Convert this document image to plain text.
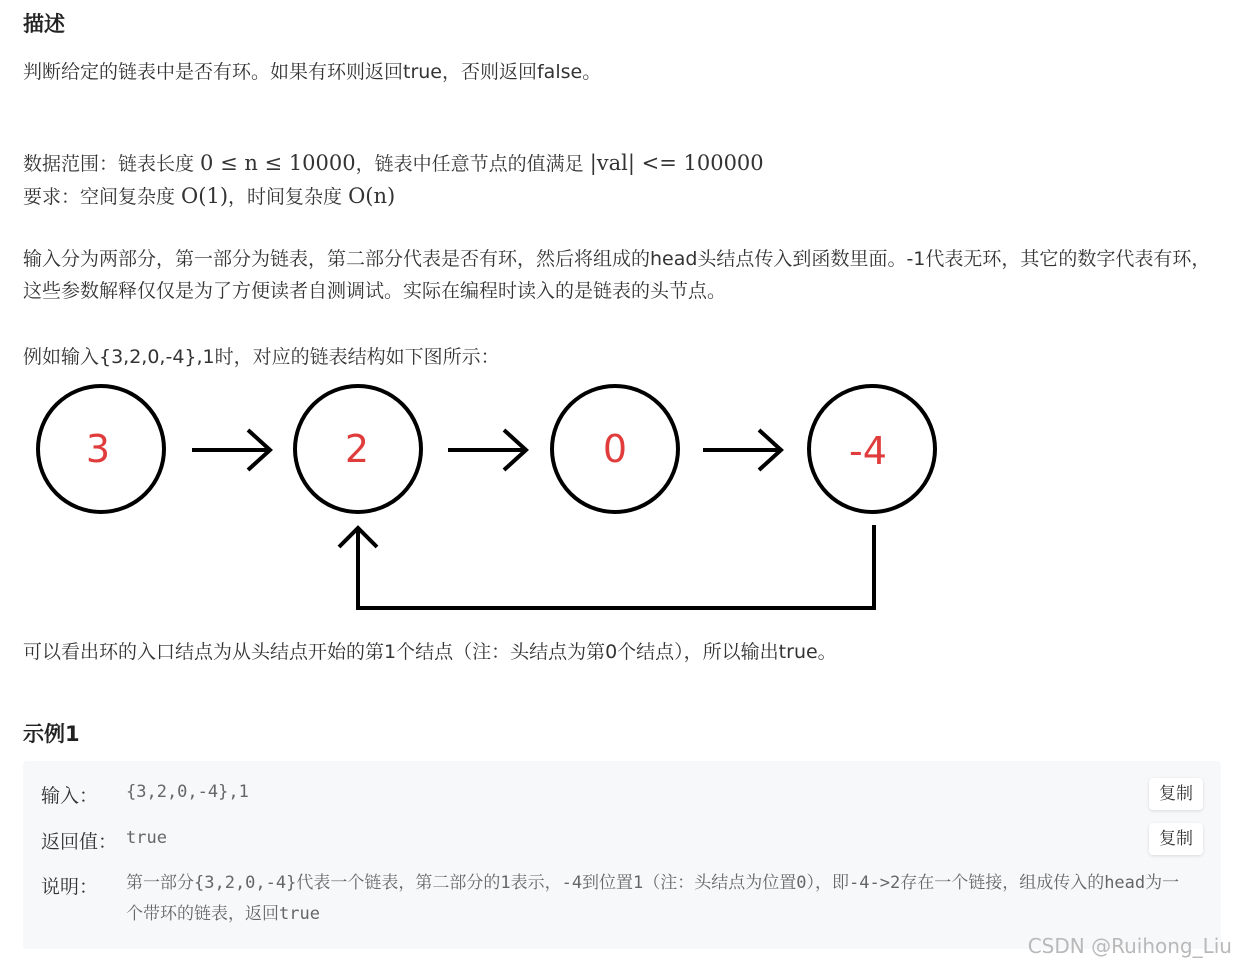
描述
判断给定的链表中是否有环。如果有环则返回true，否则返回false。
数据范围：链表长度 0 ≤ n ≤ 10000，链表中任意节点的值满足 |val| <= 100000
要求：空间复杂度 O(1)，时间复杂度 O(n)
输入分为两部分，第一部分为链表，第二部分代表是否有环，然后将组成的head头结点传入到函数里面。-1代表无环，其它的数字代表有环，这些参数解释仅仅是为了方便读者自测调试。实际在编程时读入的是链表的头节点。
例如输入{3,2,0,-4},1时，对应的链表结构如下图所示：
3	2	0	-4
可以看出环的入口结点为从头结点开始的第1个结点（注：头结点为第0个结点），所以输出true。
示例1
输入： {3,2,0,-4},1	复制
返回值： true	复制
说明： 第一部分{3,2,0,-4}代表一个链表，第二部分的1表示，-4到位置1（注：头结点为位置0），即-4->2存在一个链接，组成传入的head为一个带环的链表，返回true
CSDN @Ruihong_Liu
